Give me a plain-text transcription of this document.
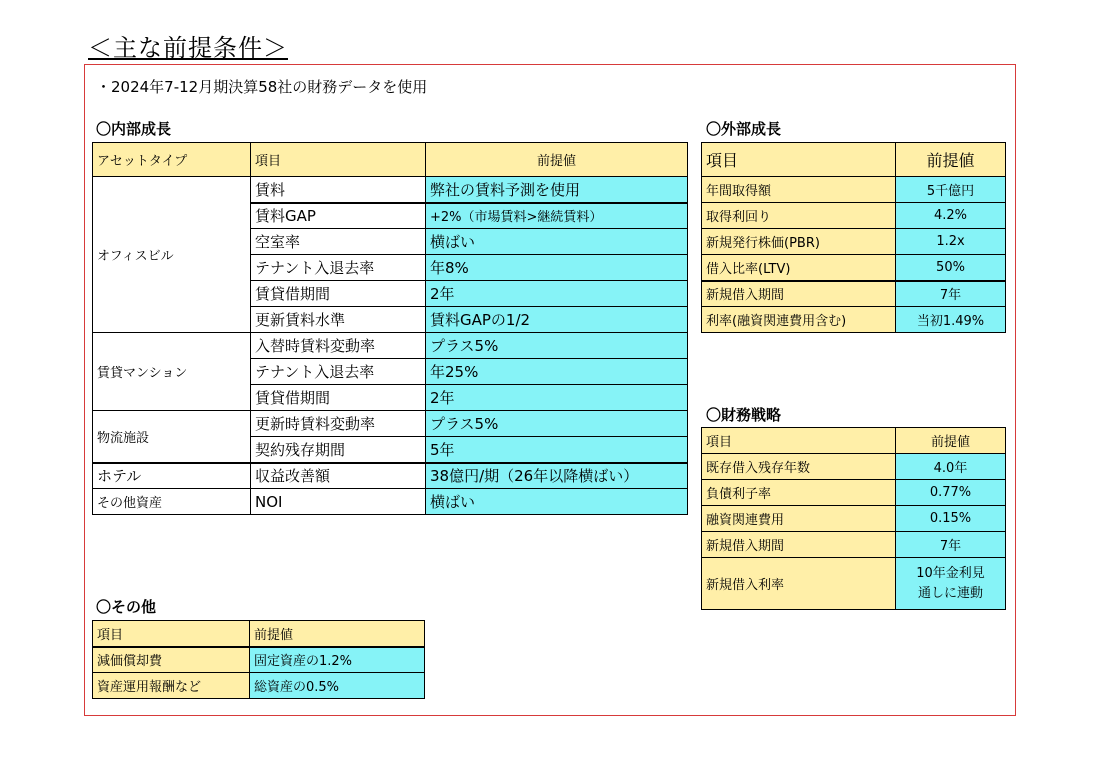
＜主な前提条件＞
・2024年7-12月期決算58社の財務データを使用
〇内部成長
アセットタイプ	項目	前提値
オフィスビル	賃料	弊社の賃料予測を使用
	賃料GAP	+2%（市場賃料>継続賃料）
	空室率	横ばい
	テナント入退去率	年8%
	賃貸借期間	2年
	更新賃料水準	賃料GAPの1/2
賃貸マンション	入替時賃料変動率	プラス5%
	テナント入退去率	年25%
	賃貸借期間	2年
物流施設	更新時賃料変動率	プラス5%
	契約残存期間	5年
ホテル	収益改善額	38億円/期（26年以降横ばい）
その他資産	NOI	横ばい
〇外部成長
項目	前提値
年間取得額	5千億円
取得利回り	4.2%
新規発行株価(PBR)	1.2x
借入比率(LTV)	50%
新規借入期間	7年
利率(融資関連費用含む)	当初1.49%
〇財務戦略
項目	前提値
既存借入残存年数	4.0年
負債利子率	0.77%
融資関連費用	0.15%
新規借入期間	7年
新規借入利率	10年金利見
通しに連動
〇その他
項目	前提値
減価償却費	固定資産の1.2%
資産運用報酬など	総資産の0.5%
